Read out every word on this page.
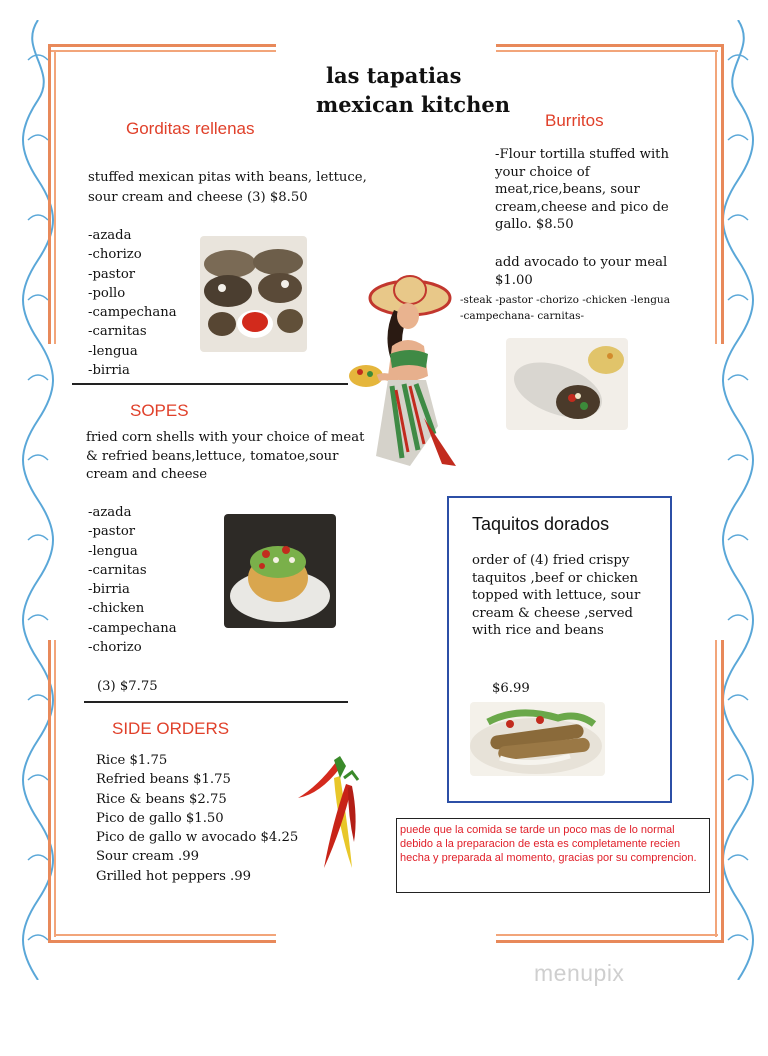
las tapatias
mexican kitchen
Gorditas rellenas
stuffed mexican pitas with beans, lettuce, sour cream and cheese (3) $8.50
-azada
-chorizo
-pastor
-pollo
-campechana
-carnitas
-lengua
-birria
Burritos
-Flour tortilla stuffed with your choice of meat,rice,beans, sour cream,cheese and pico de gallo. $8.50
add avocado to your meal $1.00
-steak -pastor -chorizo -chicken -lengua
-campechana- carnitas-
SOPES
fried corn shells with your choice of meat & refried beans,lettuce, tomatoe,sour cream and cheese
-azada
-pastor
-lengua
-carnitas
-birria
-chicken
-campechana
-chorizo
(3) $7.75
Taquitos dorados
order of (4) fried crispy taquitos ,beef or chicken topped with lettuce, sour cream & cheese ,served with rice and beans
$6.99
SIDE ORDERS
Rice $1.75
Refried beans $1.75
Rice & beans $2.75
Pico de gallo $1.50
Pico de gallo w avocado $4.25
Sour cream .99
Grilled hot peppers .99
puede que la comida se tarde un poco mas de lo normal debido a la preparacion de esta es completamente recien hecha y preparada al momento, gracias por su comprencion.
menupix
